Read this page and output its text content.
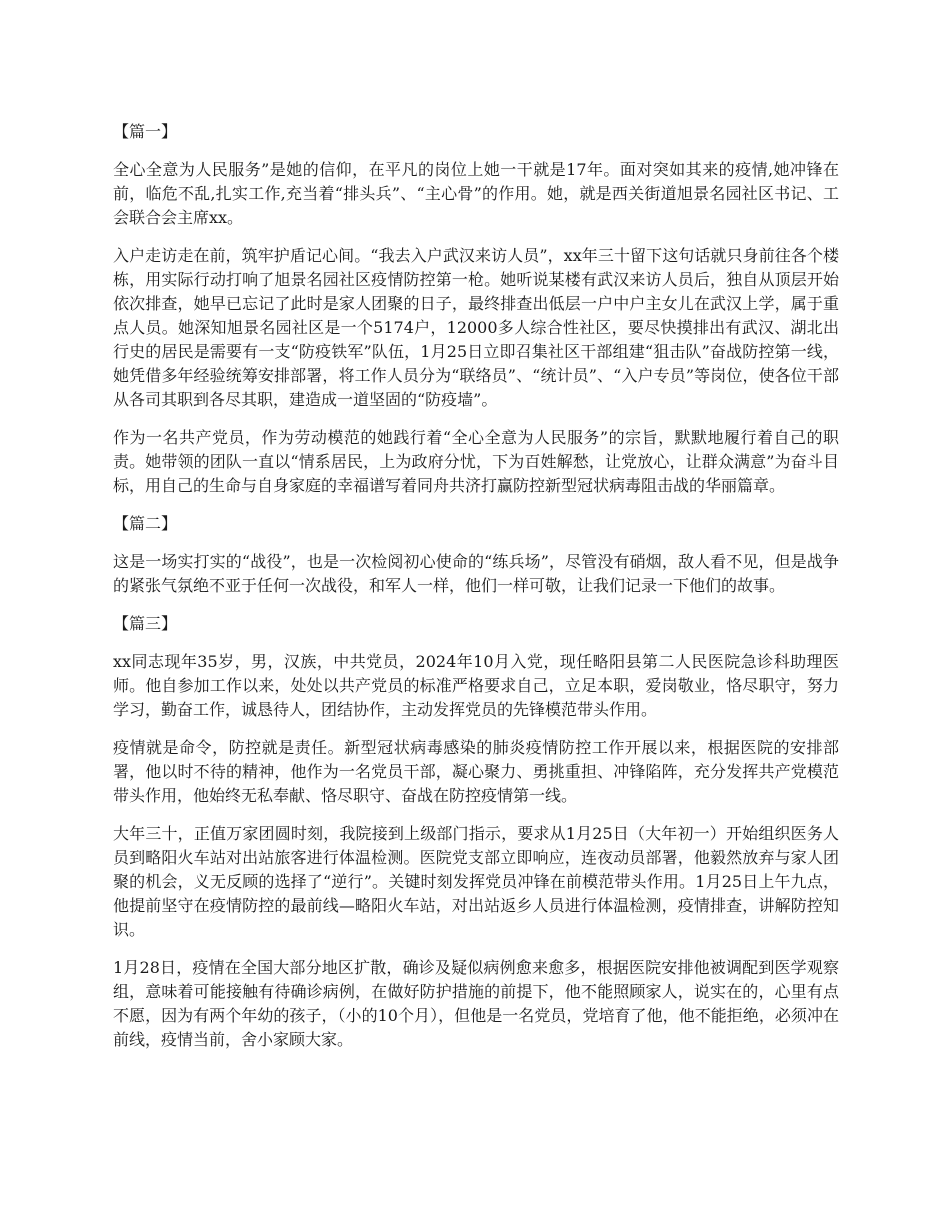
【篇一】

全心全意为人民服务”是她的信仰，在平凡的岗位上她一干就是17年。面对突如其来的疫情,她冲锋在前，临危不乱,扎实工作,充当着“排头兵”、“主心骨”的作用。她，就是西关街道旭景名园社区书记、工会联合会主席xx。

入户走访走在前，筑牢护盾记心间。“我去入户武汉来访人员”，xx年三十留下这句话就只身前往各个楼栋，用实际行动打响了旭景名园社区疫情防控第一枪。她听说某楼有武汉来访人员后，独自从顶层开始依次排查，她早已忘记了此时是家人团聚的日子，最终排查出低层一户中户主女儿在武汉上学，属于重点人员。她深知旭景名园社区是一个5174户，12000多人综合性社区，要尽快摸排出有武汉、湖北出行史的居民是需要有一支“防疫铁军”队伍，1月25日立即召集社区干部组建“狙击队”奋战防控第一线，她凭借多年经验统筹安排部署，将工作人员分为“联络员”、“统计员”、“入户专员”等岗位，使各位干部从各司其职到各尽其职，建造成一道坚固的“防疫墙”。

作为一名共产党员，作为劳动模范的她践行着“全心全意为人民服务”的宗旨，默默地履行着自己的职责。她带领的团队一直以“情系居民，上为政府分忧，下为百姓解愁，让党放心，让群众满意”为奋斗目标，用自己的生命与自身家庭的幸福谱写着同舟共济打赢防控新型冠状病毒阻击战的华丽篇章。

【篇二】

这是一场实打实的“战役”，也是一次检阅初心使命的“练兵场”，尽管没有硝烟，敌人看不见，但是战争的紧张气氛绝不亚于任何一次战役，和军人一样，他们一样可敬，让我们记录一下他们的故事。

【篇三】

xx同志现年35岁，男，汉族，中共党员，2024年10月入党，现任略阳县第二人民医院急诊科助理医师。他自参加工作以来，处处以共产党员的标准严格要求自己，立足本职，爱岗敬业，恪尽职守，努力学习，勤奋工作，诚恳待人，团结协作，主动发挥党员的先锋模范带头作用。

疫情就是命令，防控就是责任。新型冠状病毒感染的肺炎疫情防控工作开展以来，根据医院的安排部署，他以时不待的精神，他作为一名党员干部，凝心聚力、勇挑重担、冲锋陷阵，充分发挥共产党模范带头作用，他始终无私奉献、恪尽职守、奋战在防控疫情第一线。

大年三十，正值万家团圆时刻，我院接到上级部门指示，要求从1月25日（大年初一）开始组织医务人员到略阳火车站对出站旅客进行体温检测。医院党支部立即响应，连夜动员部署，他毅然放弃与家人团聚的机会，义无反顾的选择了“逆行”。关键时刻发挥党员冲锋在前模范带头作用。1月25日上午九点，他提前坚守在疫情防控的最前线—略阳火车站，对出站返乡人员进行体温检测，疫情排查，讲解防控知识。

1月28日，疫情在全国大部分地区扩散，确诊及疑似病例愈来愈多，根据医院安排他被调配到医学观察组，意味着可能接触有待确诊病例，在做好防护措施的前提下，他不能照顾家人，说实在的，心里有点不愿，因为有两个年幼的孩子，（小的10个月），但他是一名党员，党培育了他，他不能拒绝，必须冲在前线，疫情当前，舍小家顾大家。
